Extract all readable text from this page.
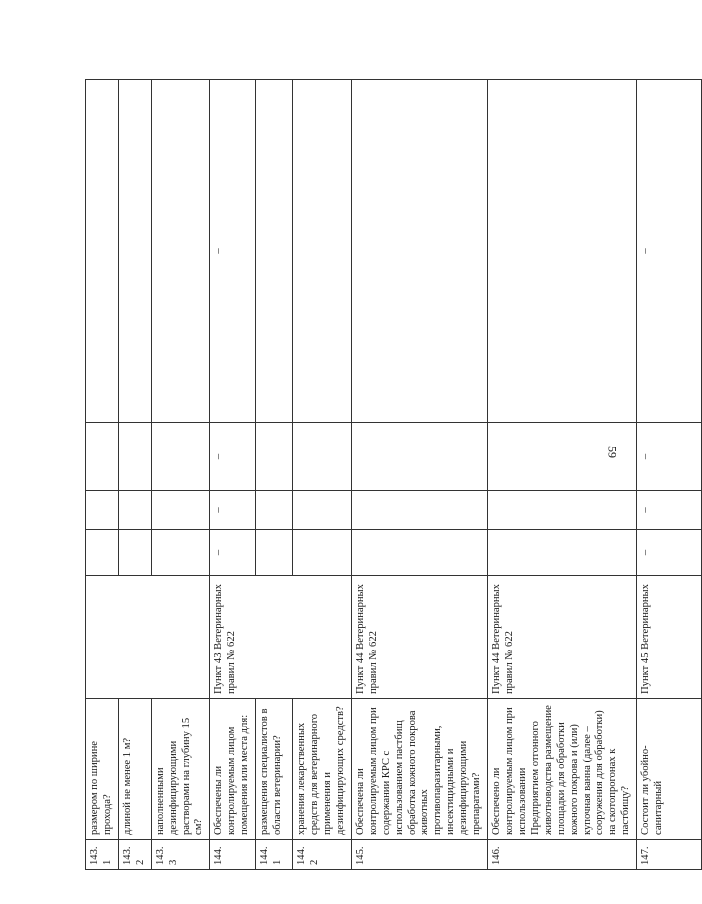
59
143.1	размером по ширине прохода?					
143.2	длиной не менее 1 м?					
143.3	наполненными дезинфицирующими растворами на глубину 15 см?					
144.	Обеспечены ли контролируемым лицом помещения или места для:	Пункт 43 Ветеринарных правил № 622	–	–	–	–
144.1	размещения специалистов в области ветеринарии?					
144.2	хранения лекарственных средств для ветеринарного применения и дезинфицирующих средств?					
145.	Обеспечена ли контролируемым лицом при содержании КРС с использованием пастбищ обработка кожного покрова животных противопаразитарными, инсектицидными и дезинфицирующими препаратами?	Пункт 44 Ветеринарных правил № 622				
146.	Обеспечено ли контролируемым лицом при использовании Предприятием отгонного животноводства размещение площадки для обработки кожного покрова и (или) купочная ванна (далее – сооружения для обработки) на скотопрогонах к пастбищу?	Пункт 44 Ветеринарных правил № 622				
147.	Состоит ли убойно-санитарный	Пункт 45 Ветеринарных	–	–	–	–
